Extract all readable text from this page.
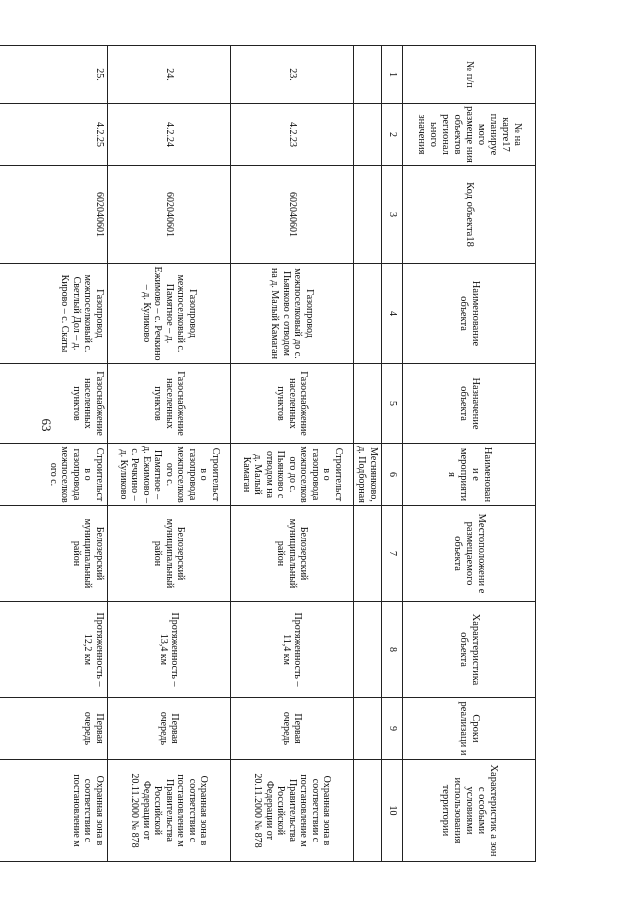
63
№ п/п	№ на карте17 планируе мого размеще ния объектов регионал ьного значения	Код объекта18	Наименование объекта	Назначение объекта	Наименовани е мероприятия	Местоположени е размещаемого объекта	Характеристика объекта	Сроки реализаци и	Характеристик а зон с особыми условиями использования территории
1	2	3	4	5	6	7	8	9	10
					Меснянково, д. Подборная				
23.	4.2.23	602040601	Газопровод межпоселковый до с. Пьянково с отводом на д. Малый Камаган	Газоснабжение населенных пунктов	Строительств о газопровода межпоселков ого до с. Пьянково с отводом на д. Малый Камаган	Белозерский муниципальный район	Протяженность – 11,4 км	Первая очередь	Охранная зона в соответствии с постановление м Правительства Российской Федерации от 20.11.2000 № 878
24.	4.2.24	602040601	Газопровод межпоселковый с. Памятное – д. Ежимово – с. Речкино – д. Куликово	Газоснабжение населенных пунктов	Строительств о газопровода межпоселков ого с. Памятное – д. Ежимово – с. Речкино – д. Куликово	Белозерский муниципальный район	Протяженность – 13,4 км	Первая очередь	Охранная зона в соответствии с постановление м Правительства Российской Федерации от 20.11.2000 № 878
25.	4.2.25	602040601	Газопровод межпоселковый с. Светлый Дол – д. Кирово – с. Скаты	Газоснабжение населенных пунктов	Строительств о газопровода межпоселков ого с.	Белозерский муниципальный район	Протяженность – 12,2 км	Первая очередь	Охранная зона в соответствии с постановление м
